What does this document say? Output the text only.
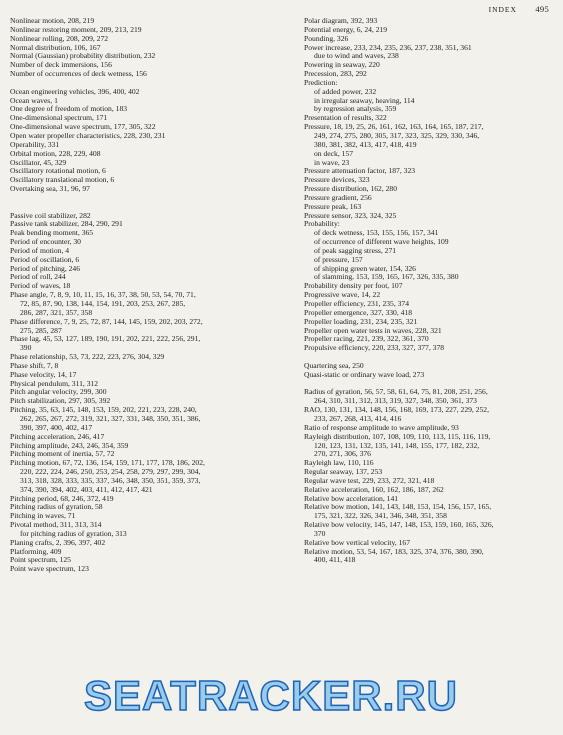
INDEX 495
Nonlinear motion, 208, 219
Nonlinear restoring moment, 209, 213, 219
Nonlinear rolling, 208, 209, 272
Normal distribution, 106, 167
Normal (Gaussian) probability distribution, 232
Number of deck immersions, 156
Number of occurrences of deck wetness, 156
Ocean engineering vehicles, 396, 400, 402
Ocean waves, 1
One degree of freedom of motion, 183
One-dimensional spectrum, 171
One-dimensional wave spectrum, 177, 305, 322
Open water propeller characteristics, 228, 230, 231
Operability, 331
Orbital motion, 228, 229, 408
Oscillator, 45, 329
Oscillatory rotational motion, 6
Oscillatory translational motion, 6
Overtaking sea, 31, 96, 97
Passive coil stabilizer, 282
Passive tank stabilizer, 284, 290, 291
Peak bending moment, 365
Period of encounter, 30
Period of motion, 4
Period of oscillation, 6
Period of pitching, 246
Period of roll, 244
Period of waves, 18
Phase angle, 7, 8, 9, 10, 11, 15, 16, 37, 38, 50, 53, 54, 70, 71,
72, 85, 87, 90, 138, 144, 154, 191, 203, 253, 267, 285,
286, 287, 321, 357, 358
Phase difference, 7, 9, 25, 72, 87, 144, 145, 159, 202, 203, 272,
275, 285, 287
Phase lag, 45, 53, 127, 189, 190, 191, 202, 221, 222, 256, 291,
390
Phase relationship, 53, 73, 222, 223, 276, 304, 329
Phase shift, 7, 8
Phase velocity, 14, 17
Physical pendulum, 311, 312
Pitch angular velocity, 299, 300
Pitch stabilization, 297, 305, 392
Pitching, 35, 63, 145, 148, 153, 159, 202, 221, 223, 228, 240,
262, 265, 267, 272, 319, 321, 327, 331, 348, 350, 351, 386,
390, 397, 400, 402, 417
Pitching acceleration, 246, 417
Pitching amplitude, 243, 246, 354, 359
Pitching moment of inertia, 57, 72
Pitching motion, 67, 72, 136, 154, 159, 171, 177, 178, 186, 202,
220, 222, 224, 246, 250, 253, 254, 258, 279, 297, 299, 304,
313, 318, 328, 333, 335, 337, 346, 348, 350, 351, 359, 373,
374, 390, 394, 402, 403, 411, 412, 417, 421
Pitching period, 68, 246, 372, 419
Pitching radius of gyration, 58
Pitching in waves, 71
Pivotal method, 311, 313, 314
for pitching radius of gyration, 313
Planing crafts, 2, 396, 397, 402
Platforming, 409
Point spectrum, 125
Point wave spectrum, 123
Polar diagram, 392, 393
Potential energy, 6, 24, 219
Pounding, 326
Power increase, 233, 234, 235, 236, 237, 238, 351, 361
due to wind and waves, 238
Powering in seaway, 220
Precession, 283, 292
Prediction:
of added power, 232
in irregular seaway, heaving, 114
by regression analysis, 359
Presentation of results, 322
Pressure, 18, 19, 25, 26, 161, 162, 163, 164, 165, 187, 217,
249, 274, 275, 280, 305, 317, 323, 325, 329, 330, 346,
380, 381, 382, 413, 417, 418, 419
on deck, 157
in wave, 23
Pressure attenuation factor, 187, 323
Pressure devices, 323
Pressure distribution, 162, 280
Pressure gradient, 256
Pressure peak, 163
Pressure sensor, 323, 324, 325
Probability:
of deck wetness, 153, 155, 156, 157, 341
of occurrence of different wave heights, 109
of peak sagging stress, 271
of pressure, 157
of shipping green water, 154, 326
of slamming, 153, 159, 165, 167, 326, 335, 380
Probability density per foot, 107
Progressive wave, 14, 22
Propeller efficiency, 231, 235, 374
Propeller emergence, 327, 330, 418
Propeller loading, 231, 234, 235, 321
Propeller open water tests in waves, 228, 321
Propeller racing, 221, 239, 322, 361, 370
Propulsive efficiency, 220, 233, 327, 377, 378
Quartering sea, 250
Quasi-static or ordinary wave load, 273
Radius of gyration, 56, 57, 58, 61, 64, 75, 81, 208, 251, 256,
264, 310, 311, 312, 313, 319, 327, 348, 350, 361, 373
RAO, 130, 131, 134, 148, 156, 168, 169, 173, 227, 229, 252,
233, 267, 268, 413, 414, 416
Ratio of response amplitude to wave amplitude, 93
Rayleigh distribution, 107, 108, 109, 110, 113, 115, 116, 119,
120, 123, 131, 132, 135, 141, 148, 155, 177, 182, 232,
270, 271, 306, 376
Rayleigh law, 110, 116
Regular seaway, 137, 253
Regular wave test, 229, 233, 272, 321, 418
Relative acceleration, 160, 162, 186, 187, 262
Relative bow acceleration, 141
Relative bow motion, 141, 143, 148, 153, 154, 156, 157, 165,
175, 321, 322, 326, 341, 346, 348, 351, 358
Relative bow velocity, 145, 147, 148, 153, 159, 160, 165, 326,
370
Relative bow vertical velocity, 167
Relative motion, 53, 54, 167, 183, 325, 374, 376, 380, 390,
400, 411, 418
SEATRACKER.RU
